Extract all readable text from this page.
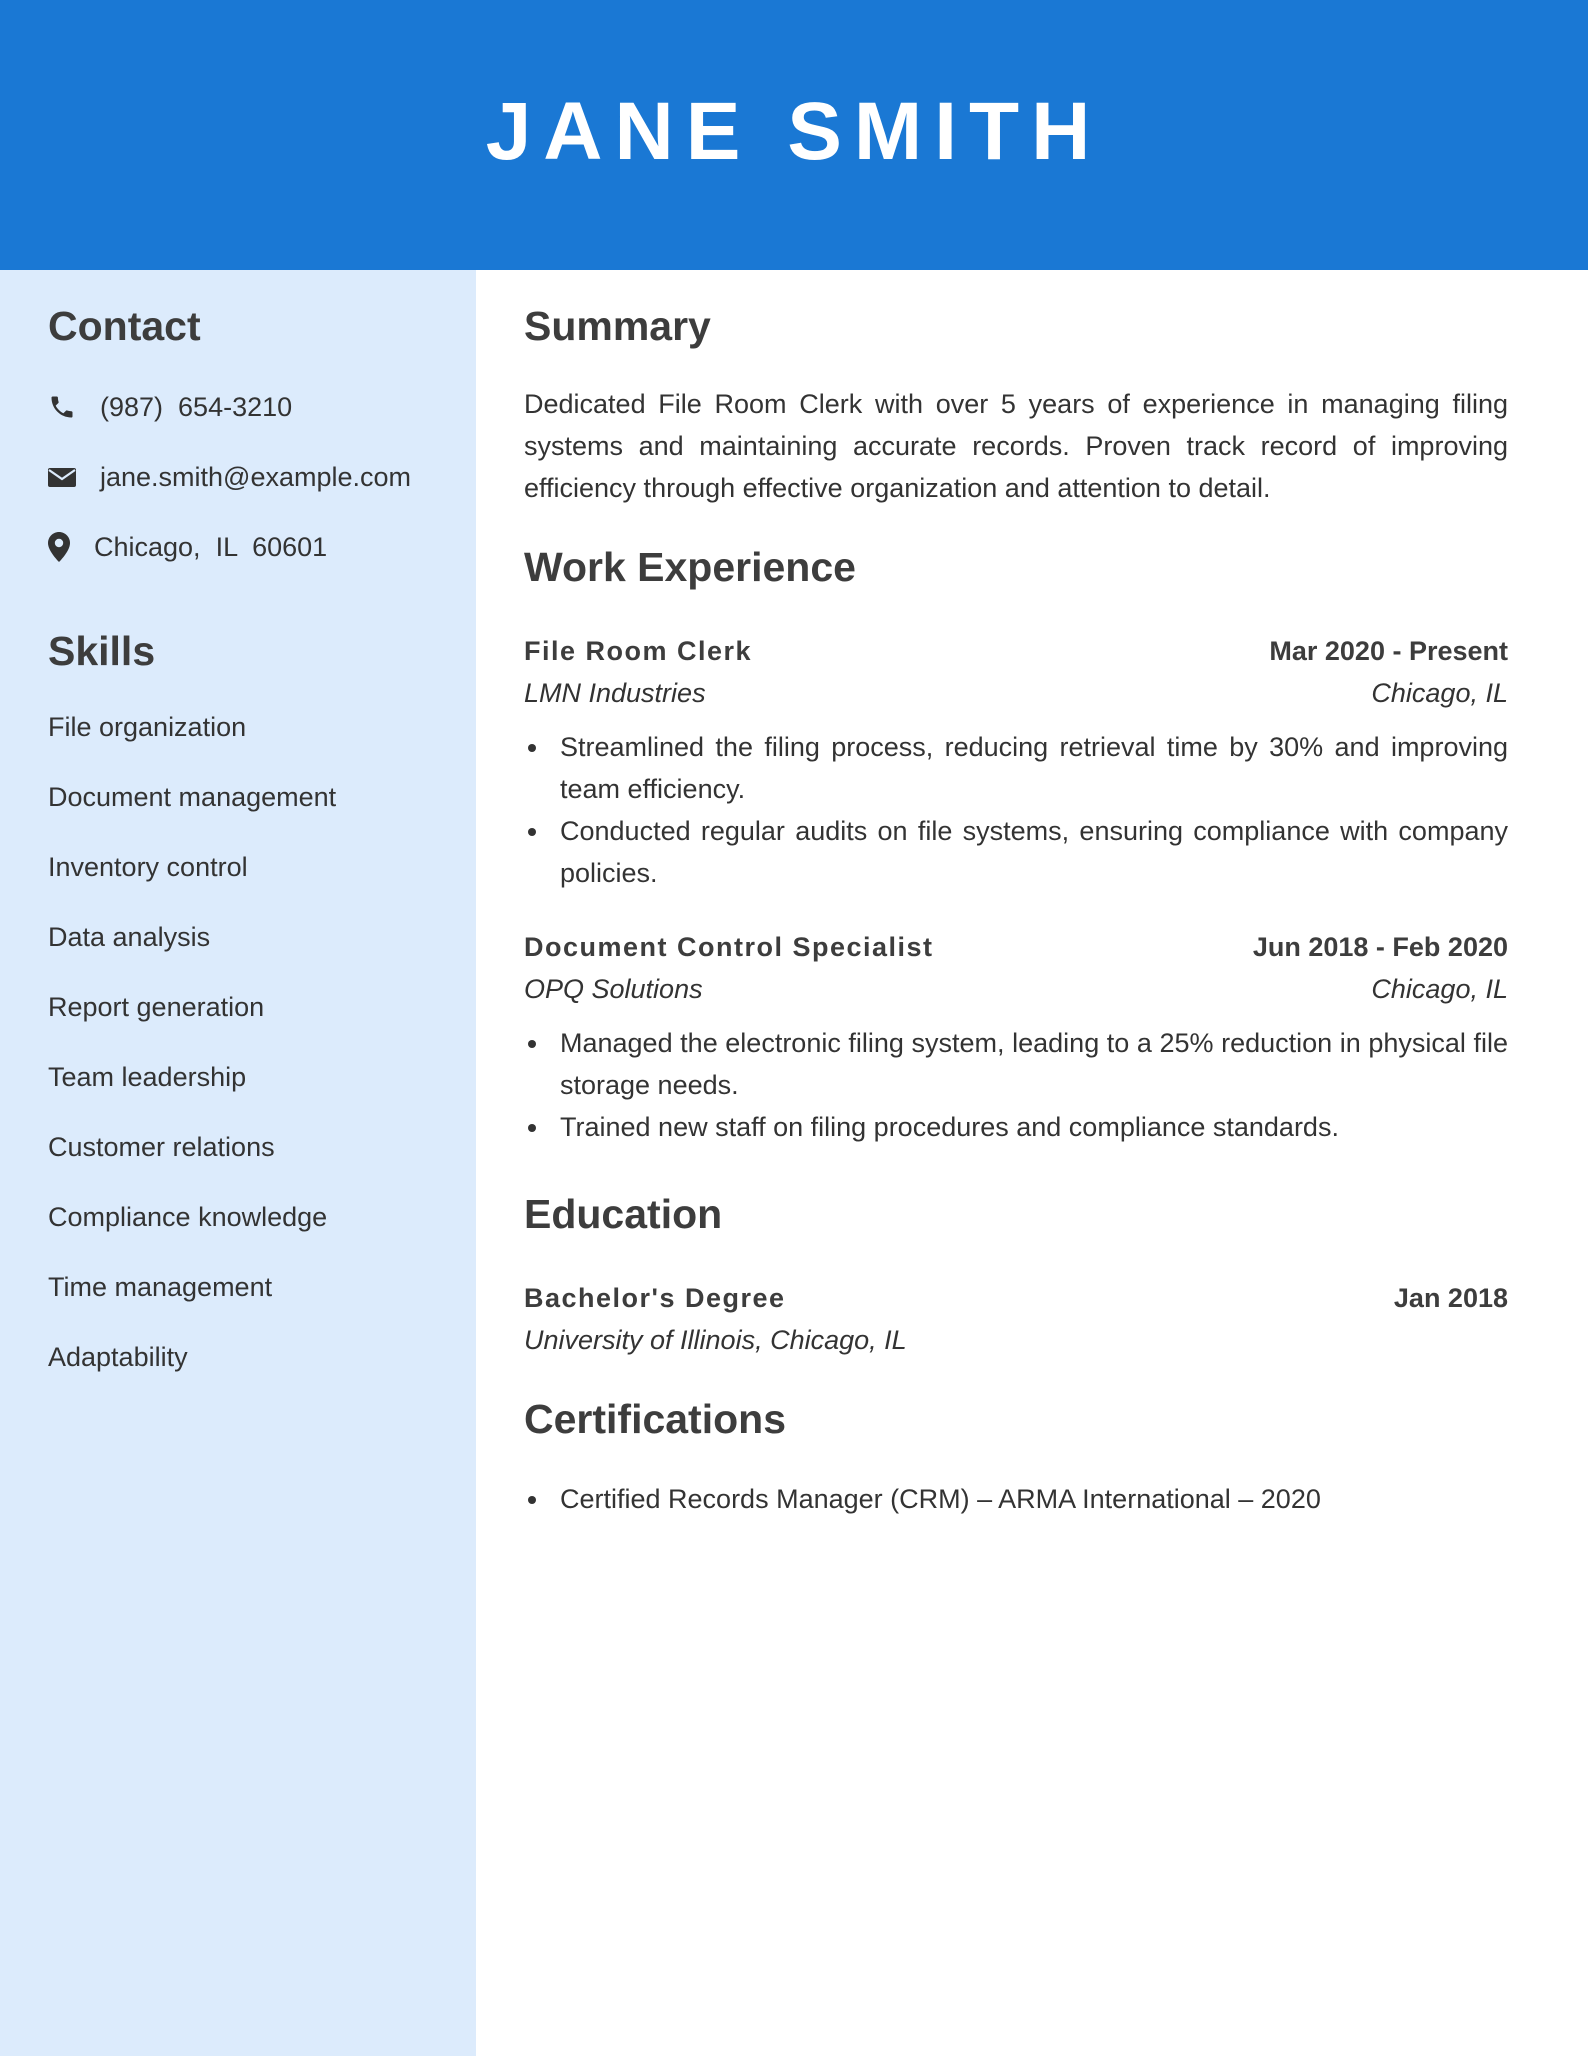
JANE SMITH
Contact
(987)  654-3210
jane.smith@example.com
Chicago,  IL  60601
Skills
File organization
Document management
Inventory control
Data analysis
Report generation
Team leadership
Customer relations
Compliance knowledge
Time management
Adaptability
Summary

Dedicated File Room Clerk with over 5 years of experience in managing filing systems and maintaining accurate records. Proven track record of improving efficiency through effective organization and attention to detail.

Work Experience
File Room Clerk	Mar 2020 - Present
LMN Industries	Chicago, IL
Streamlined the filing process, reducing retrieval time by 30% and improving team efficiency.
Conducted regular audits on file systems, ensuring compliance with company policies.
Document Control Specialist	Jun 2018 - Feb 2020
OPQ Solutions	Chicago, IL
Managed the electronic filing system, leading to a 25% reduction in physical file storage needs.
Trained new staff on filing procedures and compliance standards.
Education
Bachelor's Degree	Jan 2018
University of Illinois, Chicago, IL
Certifications
Certified Records Manager (CRM) – ARMA International – 2020
